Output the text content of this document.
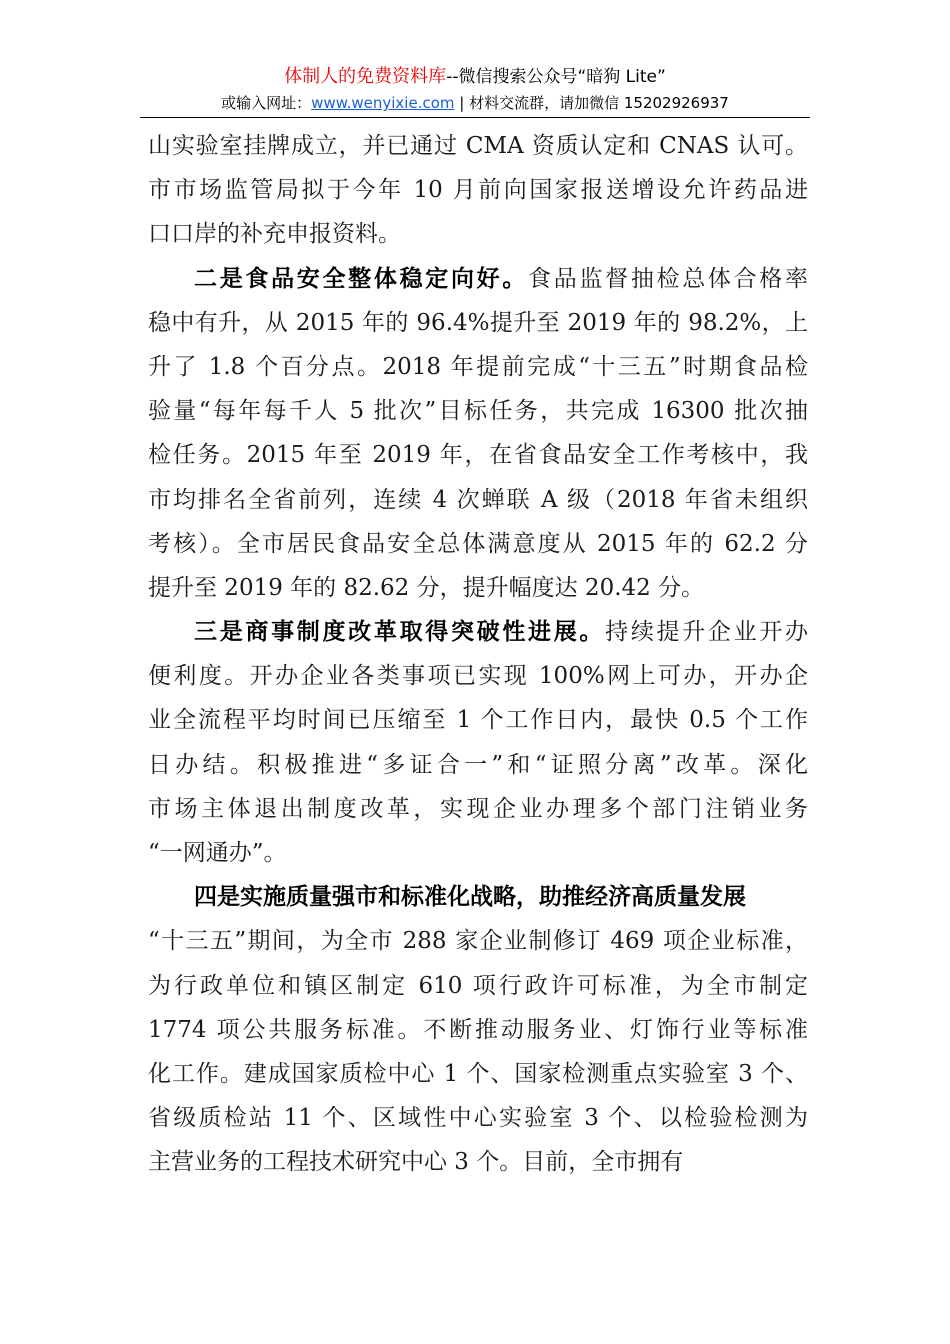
体制人的免费资料库--微信搜索公众号“暗狗 Lite”
或输入网址：www.wenyixie.com | 材料交流群，请加微信 15202926937
山实验室挂牌成立，并已通过 CMA 资质认定和 CNAS 认可。
市市场监管局拟于今年 10 月前向国家报送增设允许药品进
口口岸的补充申报资料。
二是食品安全整体稳定向好。食品监督抽检总体合格率
稳中有升，从 2015 年的 96.4%提升至 2019 年的 98.2%，上
升了 1.8 个百分点。2018 年提前完成“十三五”时期食品检
验量“每年每千人 5 批次”目标任务，共完成 16300 批次抽
检任务。2015 年至 2019 年，在省食品安全工作考核中，我
市均排名全省前列，连续 4 次蝉联 A 级（2018 年省未组织
考核）。全市居民食品安全总体满意度从 2015 年的 62.2 分
提升至 2019 年的 82.62 分，提升幅度达 20.42 分。
三是商事制度改革取得突破性进展。持续提升企业开办
便利度。开办企业各类事项已实现 100%网上可办，开办企
业全流程平均时间已压缩至 1 个工作日内，最快 0.5 个工作
日办结。积极推进“多证合一”和“证照分离”改革。深化
市场主体退出制度改革，实现企业办理多个部门注销业务
“一网通办”。
四是实施质量强市和标准化战略，助推经济高质量发展
“十三五”期间，为全市 288 家企业制修订 469 项企业标准，
为行政单位和镇区制定 610 项行政许可标准，为全市制定
1774 项公共服务标准。不断推动服务业、灯饰行业等标准
化工作。建成国家质检中心 1 个、国家检测重点实验室 3 个、
省级质检站 11 个、区域性中心实验室 3 个、以检验检测为
主营业务的工程技术研究中心 3 个。目前，全市拥有
